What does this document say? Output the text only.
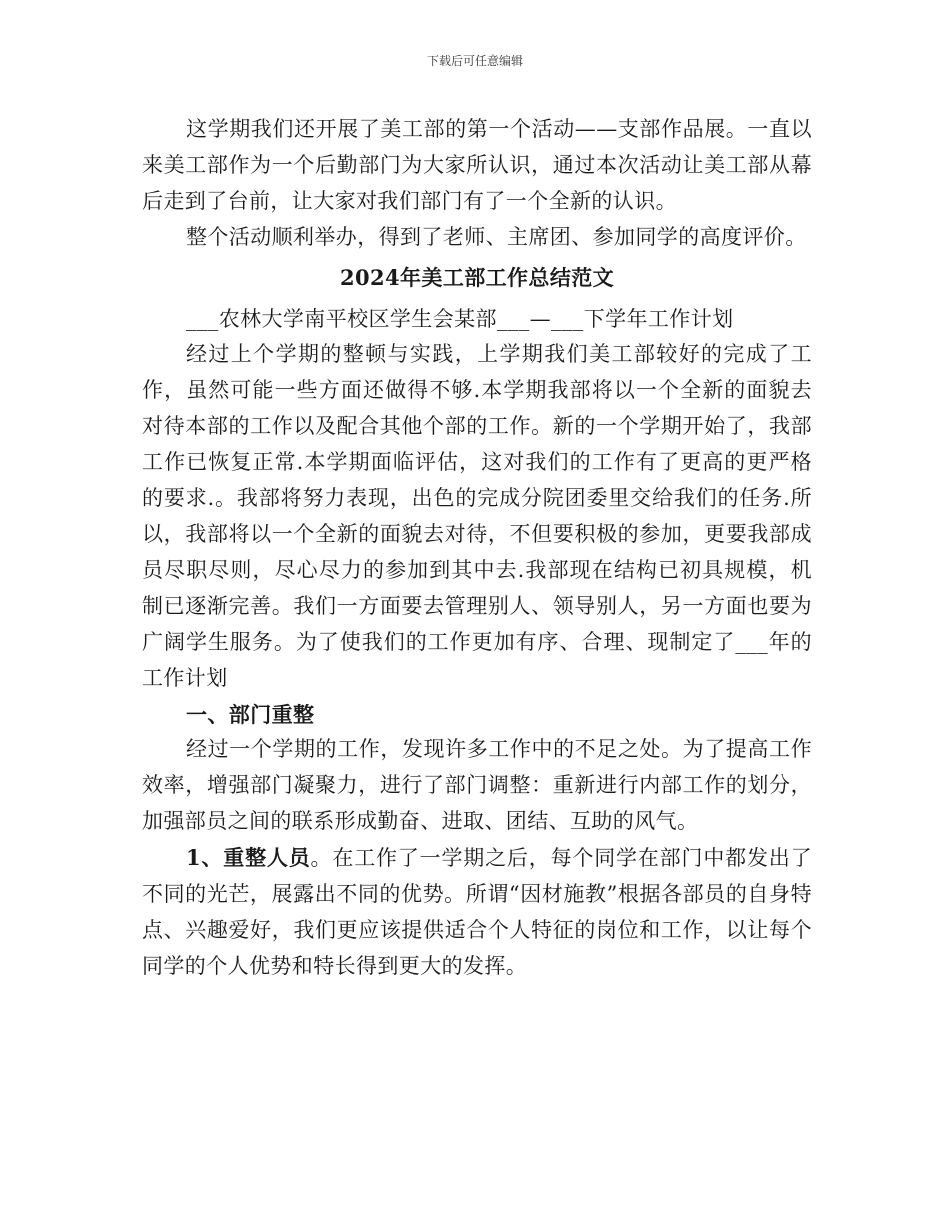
下载后可任意编辑

这学期我们还开展了美工部的第一个活动——支部作品展。一直以来美工部作为一个后勤部门为大家所认识，通过本次活动让美工部从幕后走到了台前，让大家对我们部门有了一个全新的认识。

整个活动顺利举办，得到了老师、主席团、参加同学的高度评价。

2024年美工部工作总结范文

___农林大学南平校区学生会某部___—___下学年工作计划

经过上个学期的整顿与实践，上学期我们美工部较好的完成了工作，虽然可能一些方面还做得不够.本学期我部将以一个全新的面貌去对待本部的工作以及配合其他个部的工作。新的一个学期开始了，我部工作已恢复正常.本学期面临评估，这对我们的工作有了更高的更严格的要求.。我部将努力表现，出色的完成分院团委里交给我们的任务.所以，我部将以一个全新的面貌去对待，不但要积极的参加，更要我部成员尽职尽则，尽心尽力的参加到其中去.我部现在结构已初具规模，机制已逐渐完善。我们一方面要去管理别人、领导别人，另一方面也要为广阔学生服务。为了使我们的工作更加有序、合理、现制定了___年的工作计划

一、部门重整

经过一个学期的工作，发现许多工作中的不足之处。为了提高工作效率，增强部门凝聚力，进行了部门调整：重新进行内部工作的划分，加强部员之间的联系形成勤奋、进取、团结、互助的风气。

1、重整人员。在工作了一学期之后，每个同学在部门中都发出了不同的光芒，展露出不同的优势。所谓“因材施教”根据各部员的自身特点、兴趣爱好，我们更应该提供适合个人特征的岗位和工作，以让每个同学的个人优势和特长得到更大的发挥。
